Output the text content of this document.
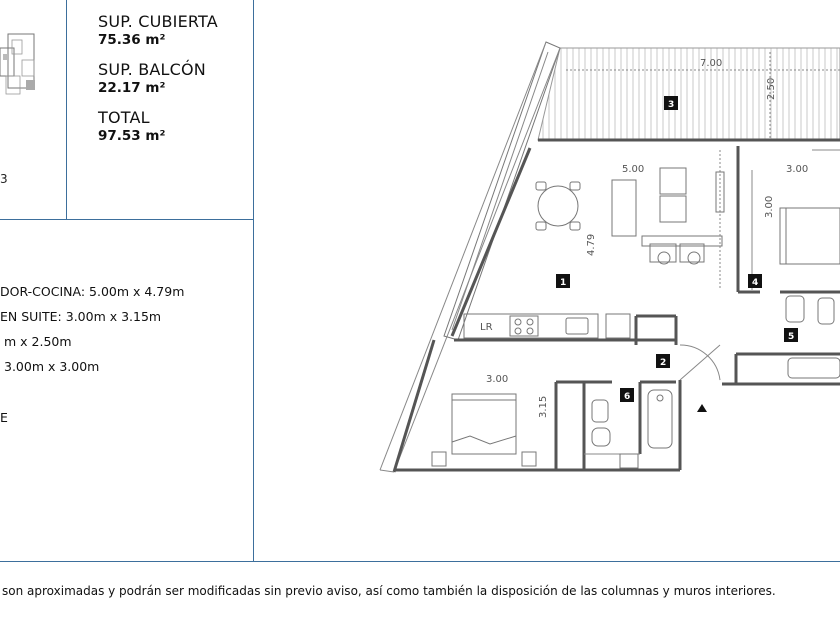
3
SUP. CUBIERTA
75.36 m²
SUP. BALCÓN
22.17 m²
TOTAL
97.53 m²
DOR-COCINA: 5.00m x 4.79m
EN SUITE: 3.00m x 3.15m
m x 2.50m
3.00m x 3.00m
E
son aproximadas y podrán ser modificadas sin previo aviso, así como también la disposición de las columnas y muros interiores.
LR
7.00
2.50
5.00
4.79
3.00
3.00
3.00
3.15
1
2
3
4
5
6
